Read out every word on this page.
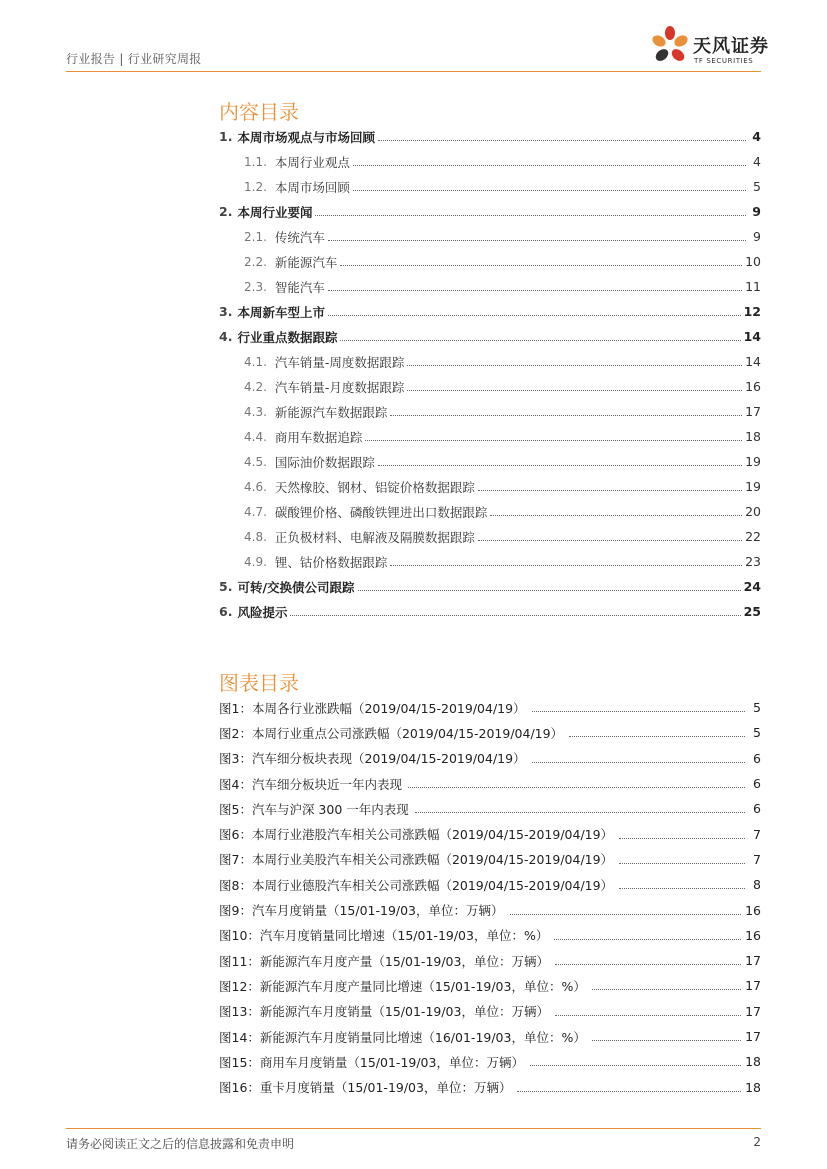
行业报告 | 行业研究周报
天风证券
TF SECURITIES
内容目录
1. 本周市场观点与市场回顾	4
1.1. 本周行业观点	4
1.2. 本周市场回顾	5
2. 本周行业要闻	9
2.1. 传统汽车	9
2.2. 新能源汽车	10
2.3. 智能汽车	11
3. 本周新车型上市	12
4. 行业重点数据跟踪	14
4.1. 汽车销量-周度数据跟踪	14
4.2. 汽车销量-月度数据跟踪	16
4.3. 新能源汽车数据跟踪	17
4.4. 商用车数据追踪	18
4.5. 国际油价数据跟踪	19
4.6. 天然橡胶、钢材、铝锭价格数据跟踪	19
4.7. 碳酸锂价格、磷酸铁锂进出口数据跟踪	20
4.8. 正负极材料、电解液及隔膜数据跟踪	22
4.9. 锂、钴价格数据跟踪	23
5. 可转/交换债公司跟踪	24
6. 风险提示	25
图表目录
图1：本周各行业涨跌幅（2019/04/15-2019/04/19）	5
图2：本周行业重点公司涨跌幅（2019/04/15-2019/04/19）	5
图3：汽车细分板块表现（2019/04/15-2019/04/19）	6
图4：汽车细分板块近一年内表现	6
图5：汽车与沪深 300 一年内表现	6
图6：本周行业港股汽车相关公司涨跌幅（2019/04/15-2019/04/19）	7
图7：本周行业美股汽车相关公司涨跌幅（2019/04/15-2019/04/19）	7
图8：本周行业德股汽车相关公司涨跌幅（2019/04/15-2019/04/19）	8
图9：汽车月度销量（15/01-19/03，单位：万辆）	16
图10：汽车月度销量同比增速（15/01-19/03，单位：%）	16
图11：新能源汽车月度产量（15/01-19/03，单位：万辆）	17
图12：新能源汽车月度产量同比增速（15/01-19/03，单位：%）	17
图13：新能源汽车月度销量（15/01-19/03，单位：万辆）	17
图14：新能源汽车月度销量同比增速（16/01-19/03，单位：%）	17
图15：商用车月度销量（15/01-19/03，单位：万辆）	18
图16：重卡月度销量（15/01-19/03，单位：万辆）	18
请务必阅读正文之后的信息披露和免责申明	2
